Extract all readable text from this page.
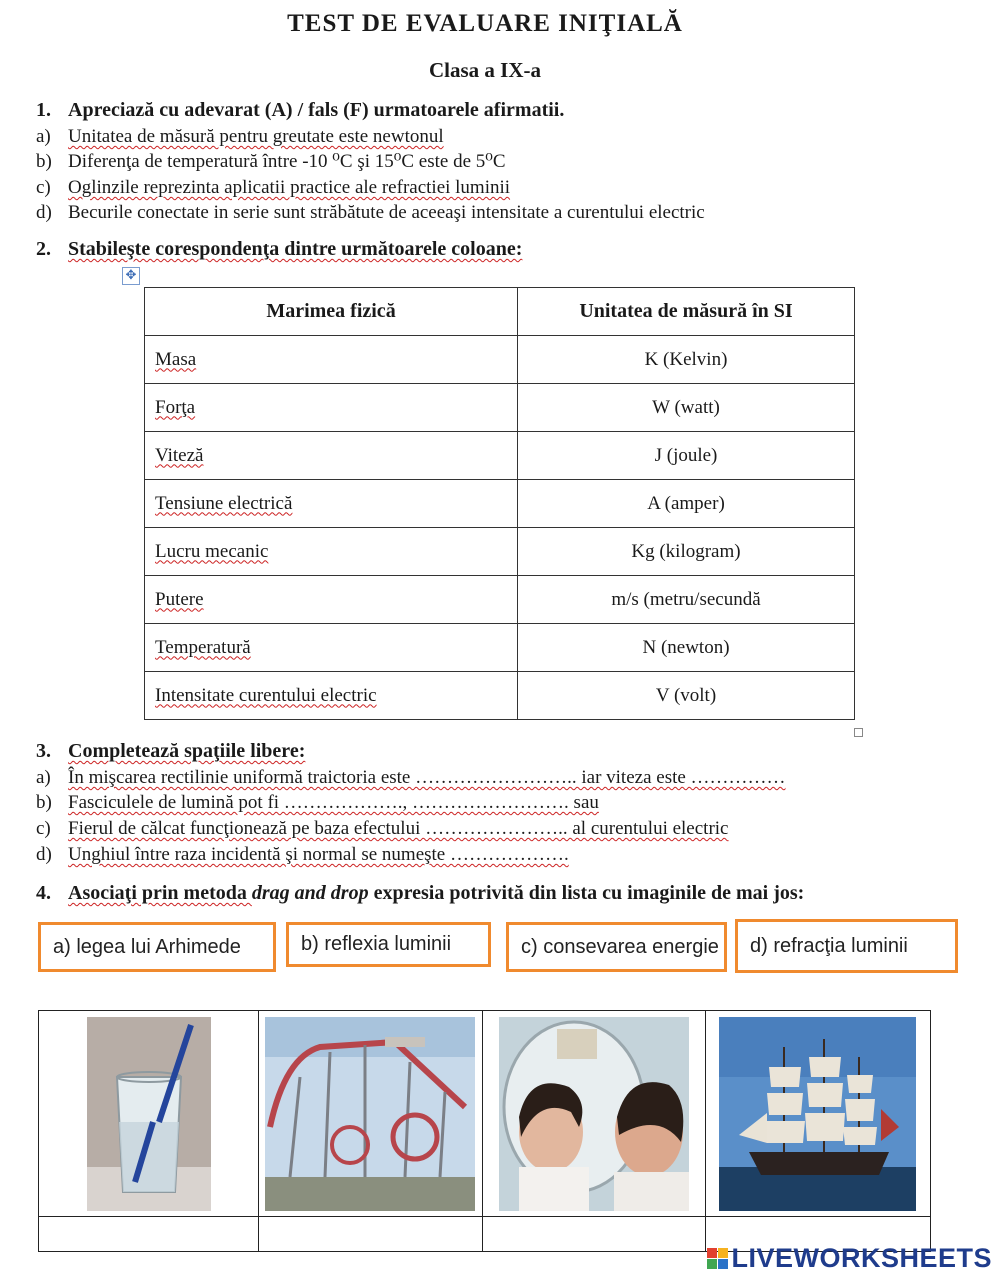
TEST DE EVALUARE INIŢIALĂ
Clasa a IX-a
1. Apreciază cu adevarat (A) / fals (F) urmatoarele afirmatii.
a) Unitatea de măsură pentru greutate este newtonul
b) Diferenţa de temperatură între -10 ⁰C şi 15⁰C este de 5⁰C
c) Oglinzile reprezinta aplicatii practice ale refractiei luminii
d) Becurile conectate in serie sunt străbătute de aceeaşi intensitate a curentului electric
2. Stabileşte corespondenţa dintre următoarele coloane:
✥
Marimea fizică	Unitatea de măsură în SI
Masa	K (Kelvin)
Forţa	W (watt)
Viteză	J (joule)
Tensiune electrică	A (amper)
Lucru mecanic	Kg (kilogram)
Putere	m/s (metru/secundă
Temperatură	N (newton)
Intensitate curentului electric	V (volt)
3. Completează spaţiile libere:
a) În mişcarea rectilinie uniformă traictoria este …………………….. iar viteza este ……………
b) Fasciculele de lumină pot fi ………………., ……………………. sau
c) Fierul de călcat funcţionează pe baza efectului ………………….. al curentului electric
d) Unghiul între raza incidentă şi normal se numeşte ……………….
4. Asociaţi prin metoda drag and drop expresia potrivită din lista cu imaginile de mai jos:
a) legea lui Arhimede	b) reflexia luminii	c) consevarea energie	d) refracţia luminii

LIVEWORKSHEETS
